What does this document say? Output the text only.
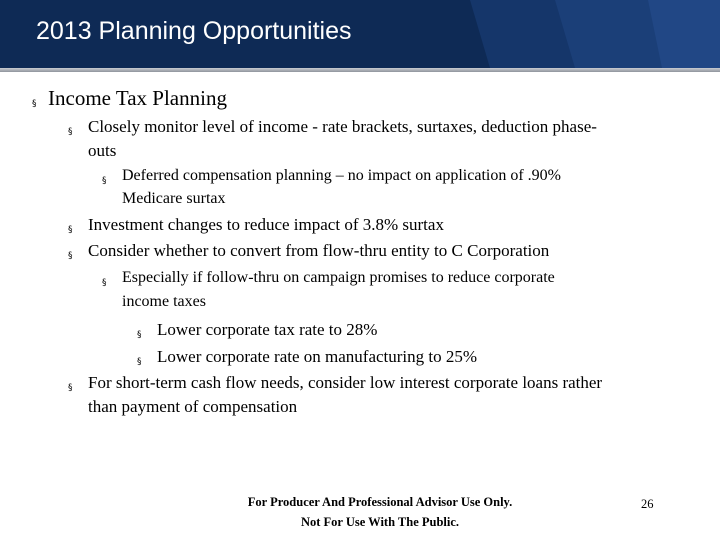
2013 Planning Opportunities
§ Income Tax Planning
§ Closely monitor level of income - rate brackets, surtaxes, deduction phase-
outs
§ Deferred compensation planning – no impact on application of .90%
Medicare surtax
§ Investment changes to reduce impact of 3.8% surtax
§ Consider whether to convert from flow-thru entity to C Corporation
§ Especially if follow-thru on campaign promises to reduce corporate
income taxes
§ Lower corporate tax rate to 28%
§ Lower corporate rate on manufacturing to 25%
§ For short-term cash flow needs, consider low interest corporate loans rather
than payment of compensation
For Producer And Professional Advisor Use Only.
Not For Use With The Public.
26
